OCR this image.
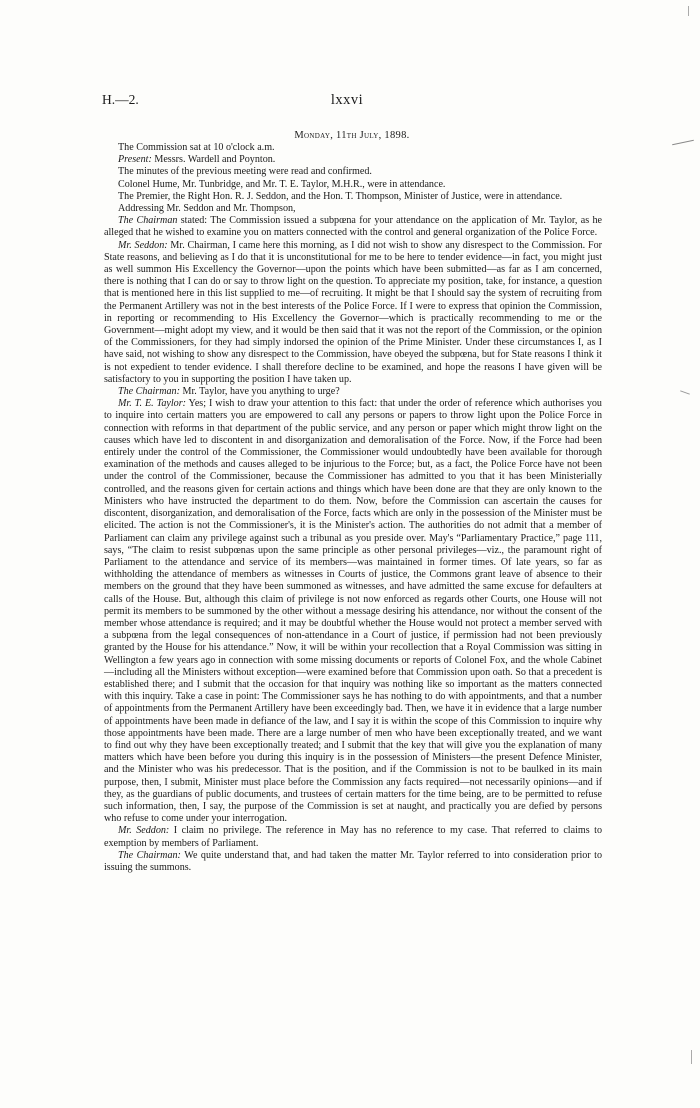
H.—2.	lxxvi
Monday, 11th July, 1898.

The Commission sat at 10 o'clock a.m.

Present: Messrs. Wardell and Poynton.

The minutes of the previous meeting were read and confirmed.

Colonel Hume, Mr. Tunbridge, and Mr. T. E. Taylor, M.H.R., were in attendance.

The Premier, the Right Hon. R. J. Seddon, and the Hon. T. Thompson, Minister of Justice, were in attendance.

Addressing Mr. Seddon and Mr. Thompson,

The Chairman stated: The Commission issued a subpœna for your attendance on the application of Mr. Taylor, as he alleged that he wished to examine you on matters connected with the control and general organization of the Police Force.

Mr. Seddon: Mr. Chairman, I came here this morning, as I did not wish to show any disrespect to the Commission. For State reasons, and believing as I do that it is unconstitutional for me to be here to tender evidence—in fact, you might just as well summon His Excellency the Governor—upon the points which have been submitted—as far as I am concerned, there is nothing that I can do or say to throw light on the question. To appreciate my position, take, for instance, a question that is mentioned here in this list supplied to me—of recruiting. It might be that I should say the system of recruiting from the Permanent Artillery was not in the best interests of the Police Force. If I were to express that opinion the Commission, in reporting or recommending to His Excellency the Governor—which is practically recommending to me or the Government—might adopt my view, and it would be then said that it was not the report of the Commission, or the opinion of the Commissioners, for they had simply indorsed the opinion of the Prime Minister. Under these circumstances I, as I have said, not wishing to show any disrespect to the Commission, have obeyed the subpœna, but for State reasons I think it is not expedient to tender evidence. I shall therefore decline to be examined, and hope the reasons I have given will be satisfactory to you in supporting the position I have taken up.

The Chairman: Mr. Taylor, have you anything to urge?

Mr. T. E. Taylor: Yes; I wish to draw your attention to this fact: that under the order of reference which authorises you to inquire into certain matters you are empowered to call any persons or papers to throw light upon the Police Force in connection with reforms in that department of the public service, and any person or paper which might throw light on the causes which have led to discontent in and disorganization and demoralisation of the Force. Now, if the Force had been entirely under the control of the Commissioner, the Commissioner would undoubtedly have been available for thorough examination of the methods and causes alleged to be injurious to the Force; but, as a fact, the Police Force have not been under the control of the Commissioner, because the Commissioner has admitted to you that it has been Ministerially controlled, and the reasons given for certain actions and things which have been done are that they are only known to the Ministers who have instructed the department to do them. Now, before the Commission can ascertain the causes for discontent, disorganization, and demoralisation of the Force, facts which are only in the possession of the Minister must be elicited. The action is not the Commissioner's, it is the Minister's action. The authorities do not admit that a member of Parliament can claim any privilege against such a tribunal as you preside over. May's “Parliamentary Practice,” page 111, says, “The claim to resist subpœnas upon the same principle as other personal privileges—viz., the paramount right of Parliament to the attendance and service of its members—was maintained in former times. Of late years, so far as withholding the attendance of members as witnesses in Courts of justice, the Commons grant leave of absence to their members on the ground that they have been summoned as witnesses, and have admitted the same excuse for defaulters at calls of the House. But, although this claim of privilege is not now enforced as regards other Courts, one House will not permit its members to be summoned by the other without a message desiring his attendance, nor without the consent of the member whose attendance is required; and it may be doubtful whether the House would not protect a member served with a subpœna from the legal consequences of non-attendance in a Court of justice, if permission had not been previously granted by the House for his attendance.” Now, it will be within your recollection that a Royal Commission was sitting in Wellington a few years ago in connection with some missing documents or reports of Colonel Fox, and the whole Cabinet—including all the Ministers without exception—were examined before that Commission upon oath. So that a precedent is established there; and I submit that the occasion for that inquiry was nothing like so important as the matters connected with this inquiry. Take a case in point: The Commissioner says he has nothing to do with appointments, and that a number of appointments from the Permanent Artillery have been exceedingly bad. Then, we have it in evidence that a large number of appointments have been made in defiance of the law, and I say it is within the scope of this Commission to inquire why those appointments have been made. There are a large number of men who have been exceptionally treated, and we want to find out why they have been exceptionally treated; and I submit that the key that will give you the explanation of many matters which have been before you during this inquiry is in the possession of Ministers—the present Defence Minister, and the Minister who was his predecessor. That is the position, and if the Commission is not to be baulked in its main purpose, then, I submit, Minister must place before the Commission any facts required—not necessarily opinions—and if they, as the guardians of public documents, and trustees of certain matters for the time being, are to be permitted to refuse such information, then, I say, the purpose of the Commission is set at naught, and practically you are defied by persons who refuse to come under your interrogation.

Mr. Seddon: I claim no privilege. The reference in May has no reference to my case. That referred to claims to exemption by members of Parliament.

The Chairman: We quite understand that, and had taken the matter Mr. Taylor referred to into consideration prior to issuing the summons.
